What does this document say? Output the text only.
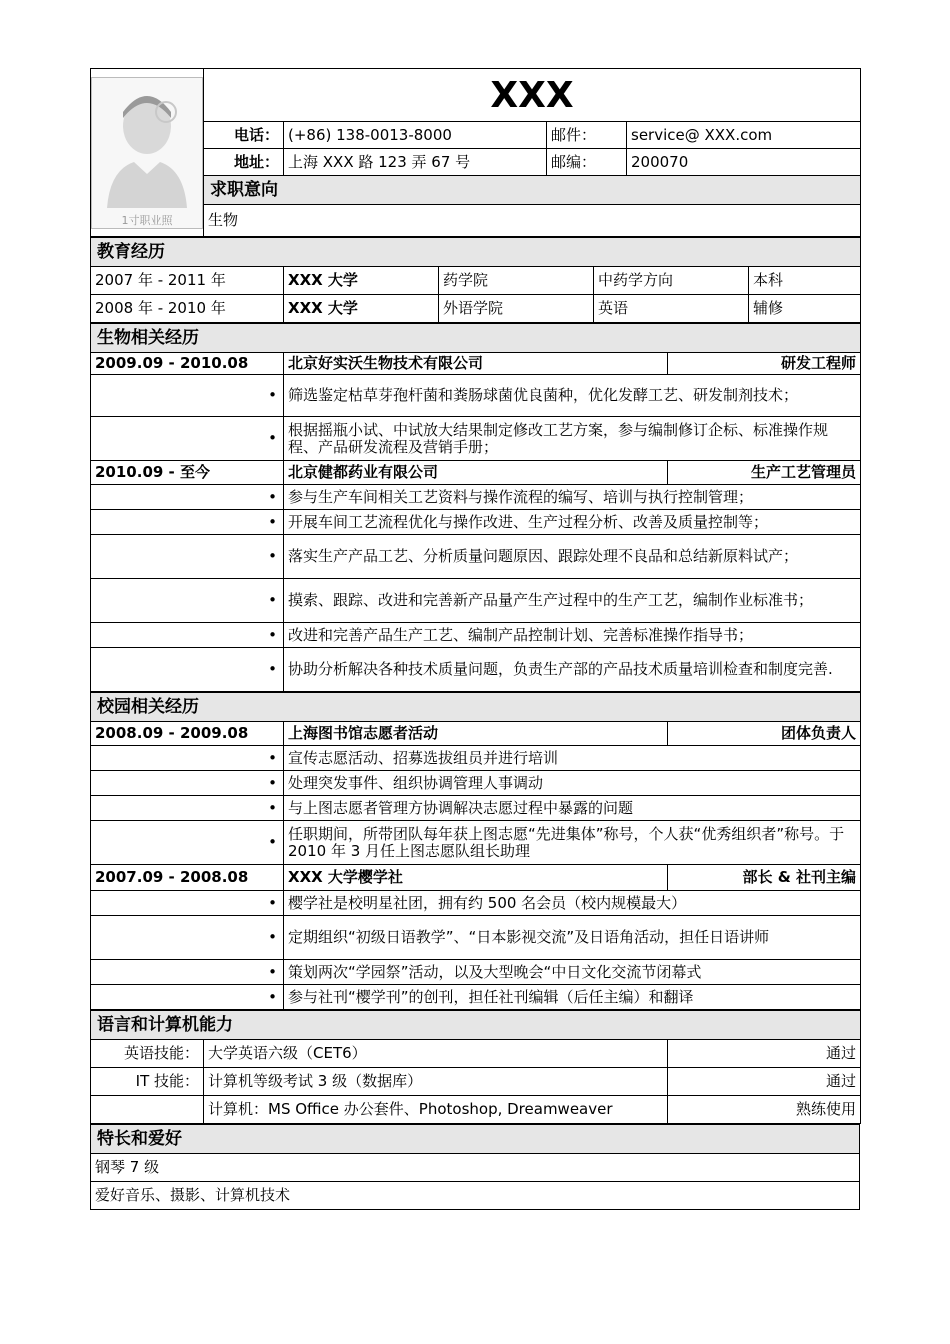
1寸职业照	XXX			
	电话：	(+86) 138-0013-8000	邮件：	service@ XXX.com
	地址：	上海 XXX 路 123 弄 67 号	邮编：	200070
	求职意向			
	生物			
教育经历				
2007 年 - 2011 年	XXX 大学	药学院	中药学方向	本科
2008 年 - 2010 年	XXX 大学	外语学院	英语	辅修
生物相关经历		
2009.09 - 2010.08	北京好实沃生物技术有限公司	研发工程师
•	筛选鉴定枯草芽孢杆菌和粪肠球菌优良菌种，优化发酵工艺、研发制剂技术；	
•	根据摇瓶小试、中试放大结果制定修改工艺方案，参与编制修订企标、标准操作规程、产品研发流程及营销手册；	
2010.09 - 至今	北京健都药业有限公司	生产工艺管理员
•	参与生产车间相关工艺资料与操作流程的编写、培训与执行控制管理；	
•	开展车间工艺流程优化与操作改进、生产过程分析、改善及质量控制等；	
•	落实生产产品工艺、分析质量问题原因、跟踪处理不良品和总结新原料试产；	
•	摸索、跟踪、改进和完善新产品量产生产过程中的生产工艺，编制作业标准书；	
•	改进和完善产品生产工艺、编制产品控制计划、完善标准操作指导书；	
•	协助分析解决各种技术质量问题，负责生产部的产品技术质量培训检查和制度完善.	
校园相关经历		
2008.09 - 2009.08	上海图书馆志愿者活动	团体负责人
•	宣传志愿活动、招募选拔组员并进行培训	
•	处理突发事件、组织协调管理人事调动	
•	与上图志愿者管理方协调解决志愿过程中暴露的问题	
•	任职期间，所带团队每年获上图志愿“先进集体”称号，个人获“优秀组织者”称号。于 2010 年 3 月任上图志愿队组长助理	
2007.09 - 2008.08	XXX 大学樱学社	部长 & 社刊主编
•	樱学社是校明星社团，拥有约 500 名会员（校内规模最大）	
•	定期组织“初级日语教学”、“日本影视交流”及日语角活动，担任日语讲师	
•	策划两次“学园祭”活动，以及大型晚会“中日文化交流节闭幕式	
•	参与社刊“樱学刊”的创刊，担任社刊编辑（后任主编）和翻译	
语言和计算机能力		
英语技能：	大学英语六级（CET6）	通过
IT 技能：	计算机等级考试 3 级（数据库）	通过
	计算机：MS Office 办公套件、Photoshop, Dreamweaver	熟练使用
特长和爱好
钢琴 7 级
爱好音乐、摄影、计算机技术
